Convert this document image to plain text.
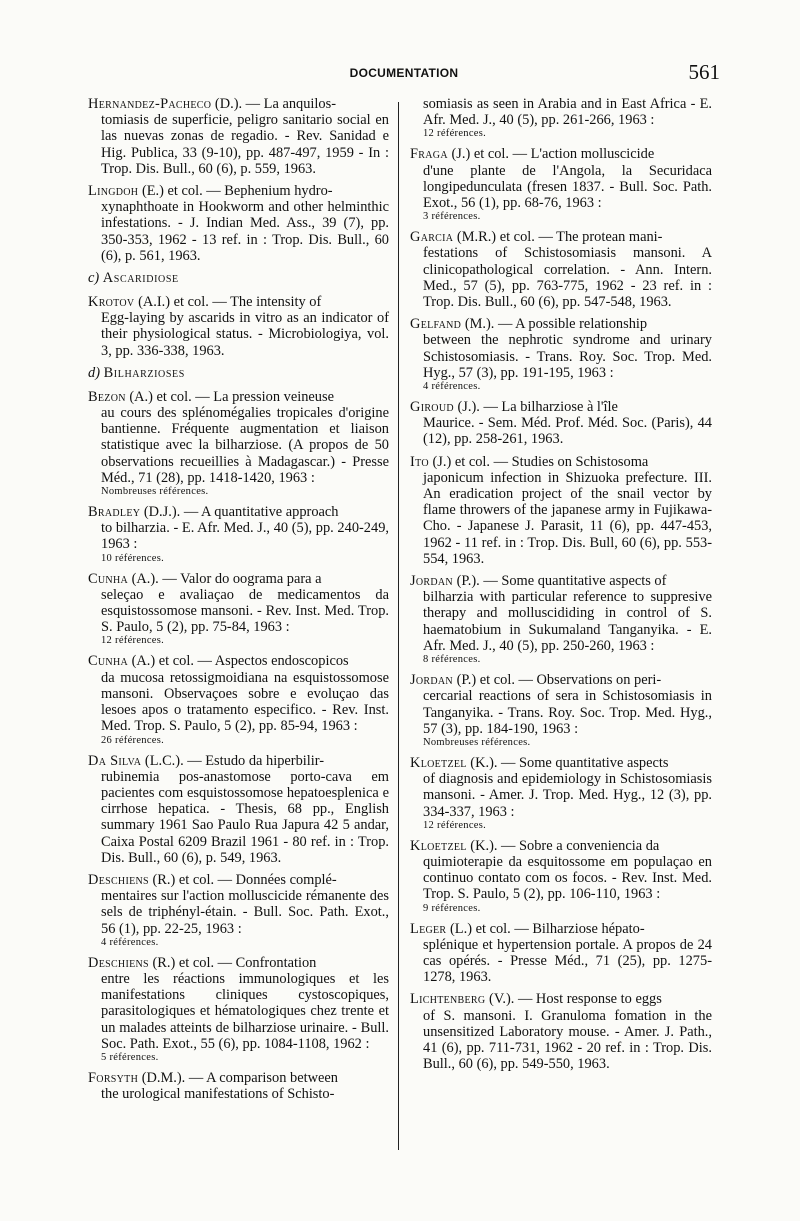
DOCUMENTATION	561
Hernandez-Pacheco (D.). — La anquilos-
tomiasis de superficie, peligro sanitario social en las nuevas zonas de regadio. - Rev. Sanidad e Hig. Publica, 33 (9-10), pp. 487-497, 1959 - In : Trop. Dis. Bull., 60 (6), p. 559, 1963.
Lingdoh (E.) et col. — Bephenium hydro-
xynaphthoate in Hookworm and other helminthic infestations. - J. Indian Med. Ass., 39 (7), pp. 350-353, 1962 - 13 ref. in : Trop. Dis. Bull., 60 (6), p. 561, 1963.
c) Ascaridiose
Krotov (A.I.) et col. — The intensity of
Egg-laying by ascarids in vitro as an indicator of their physiological status. - Microbiologiya, vol. 3, pp. 336-338, 1963.
d) Bilharzioses
Bezon (A.) et col. — La pression veineuse
au cours des splénomégalies tropicales d'origine bantienne. Fréquente augmentation et liaison statistique avec la bilharziose. (A propos de 50 observations recueillies à Madagascar.) - Presse Méd., 71 (28), pp. 1418-1420, 1963 :
Nombreuses références.
Bradley (D.J.). — A quantitative approach
to bilharzia. - E. Afr. Med. J., 40 (5), pp. 240-249, 1963 :
10 références.
Cunha (A.). — Valor do oograma para a
seleçao e avaliaçao de medicamentos da esquistossomose mansoni. - Rev. Inst. Med. Trop. S. Paulo, 5 (2), pp. 75-84, 1963 :
12 références.
Cunha (A.) et col. — Aspectos endoscopicos
da mucosa retossigmoidiana na esquistossomose mansoni. Observaçoes sobre e evoluçao das lesoes apos o tratamento especifico. - Rev. Inst. Med. Trop. S. Paulo, 5 (2), pp. 85-94, 1963 :
26 références.
Da Silva (L.C.). — Estudo da hiperbilir-
rubinemia pos-anastomose porto-cava em pacientes com esquistossomose hepatoesplenica e cirrhose hepatica. - Thesis, 68 pp., English summary 1961 Sao Paulo Rua Japura 42 5 andar, Caixa Postal 6209 Brazil 1961 - 80 ref. in : Trop. Dis. Bull., 60 (6), p. 549, 1963.
Deschiens (R.) et col. — Données complé-
mentaires sur l'action molluscicide rémanente des sels de triphényl-étain. - Bull. Soc. Path. Exot., 56 (1), pp. 22-25, 1963 :
4 références.
Deschiens (R.) et col. — Confrontation
entre les réactions immunologiques et les manifestations cliniques cystoscopiques, parasitologiques et hématologiques chez trente et un malades atteints de bilharziose urinaire. - Bull. Soc. Path. Exot., 55 (6), pp. 1084-1108, 1962 :
5 références.
Forsyth (D.M.). — A comparison between
the urological manifestations of Schisto-
somiasis as seen in Arabia and in East Africa - E. Afr. Med. J., 40 (5), pp. 261-266, 1963 :
12 références.
Fraga (J.) et col. — L'action molluscicide
d'une plante de l'Angola, la Securidaca longipedunculata (fresen 1837. - Bull. Soc. Path. Exot., 56 (1), pp. 68-76, 1963 :
3 références.
Garcia (M.R.) et col. — The protean mani-
festations of Schistosomiasis mansoni. A clinicopathological correlation. - Ann. Intern. Med., 57 (5), pp. 763-775, 1962 - 23 ref. in : Trop. Dis. Bull., 60 (6), pp. 547-548, 1963.
Gelfand (M.). — A possible relationship
between the nephrotic syndrome and urinary Schistosomiasis. - Trans. Roy. Soc. Trop. Med. Hyg., 57 (3), pp. 191-195, 1963 :
4 références.
Giroud (J.). — La bilharziose à l'île
Maurice. - Sem. Méd. Prof. Méd. Soc. (Paris), 44 (12), pp. 258-261, 1963.
Ito (J.) et col. — Studies on Schistosoma
japonicum infection in Shizuoka prefecture. III. An eradication project of the snail vector by flame throwers of the japanese army in Fujikawa-Cho. - Japanese J. Parasit, 11 (6), pp. 447-453, 1962 - 11 ref. in : Trop. Dis. Bull, 60 (6), pp. 553-554, 1963.
Jordan (P.). — Some quantitative aspects of
bilharzia with particular reference to suppresive therapy and molluscididing in control of S. haematobium in Sukumaland Tanganyika. - E. Afr. Med. J., 40 (5), pp. 250-260, 1963 :
8 références.
Jordan (P.) et col. — Observations on peri-
cercarial reactions of sera in Schistosomiasis in Tanganyika. - Trans. Roy. Soc. Trop. Med. Hyg., 57 (3), pp. 184-190, 1963 :
Nombreuses références.
Kloetzel (K.). — Some quantitative aspects
of diagnosis and epidemiology in Schistosomiasis mansoni. - Amer. J. Trop. Med. Hyg., 12 (3), pp. 334-337, 1963 :
12 références.
Kloetzel (K.). — Sobre a conveniencia da
quimioterapie da esquitossome em populaçao en continuo contato com os focos. - Rev. Inst. Med. Trop. S. Paulo, 5 (2), pp. 106-110, 1963 :
9 références.
Leger (L.) et col. — Bilharziose hépato-
splénique et hypertension portale. A propos de 24 cas opérés. - Presse Méd., 71 (25), pp. 1275-1278, 1963.
Lichtenberg (V.). — Host response to eggs
of S. mansoni. I. Granuloma fomation in the unsensitized Laboratory mouse. - Amer. J. Path., 41 (6), pp. 711-731, 1962 - 20 ref. in : Trop. Dis. Bull., 60 (6), pp. 549-550, 1963.
